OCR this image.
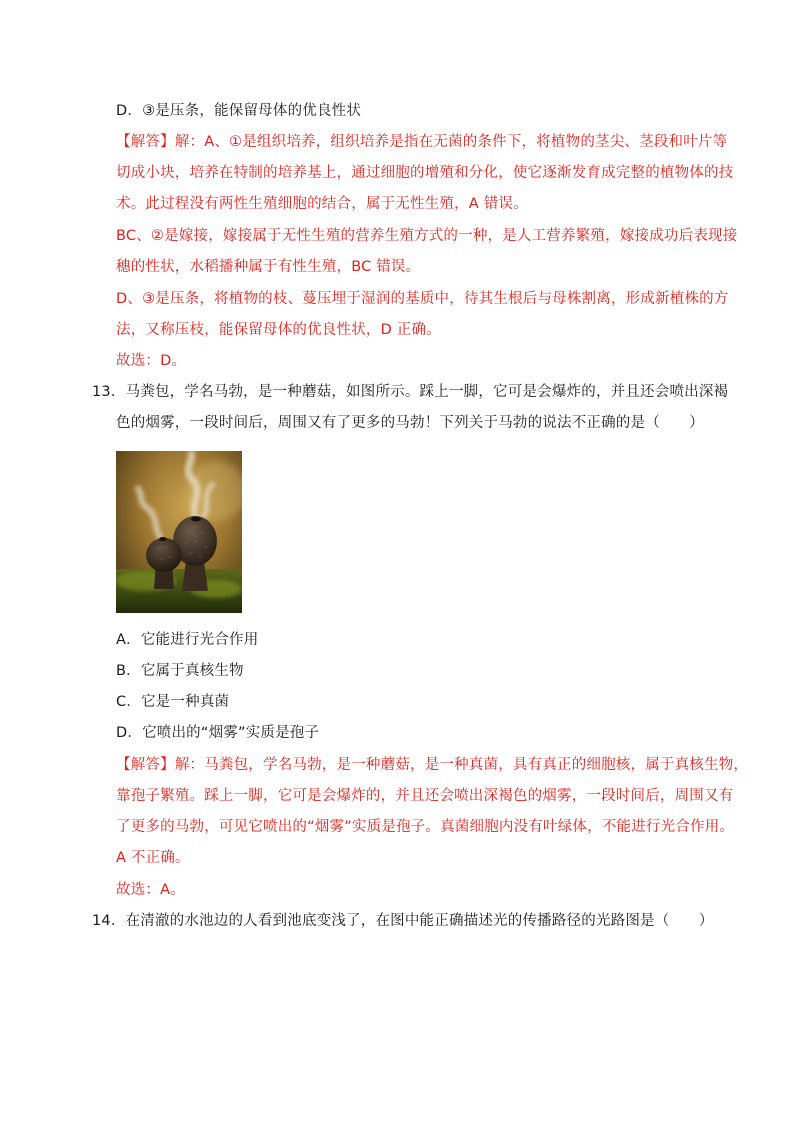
D．③是压条，能保留母体的优良性状
【解答】解：A、①是组织培养，组织培养是指在无菌的条件下，将植物的茎尖、茎段和叶片等
切成小块，培养在特制的培养基上，通过细胞的增殖和分化，使它逐渐发育成完整的植物体的技
术。此过程没有两性生殖细胞的结合，属于无性生殖，A 错误。
BC、②是嫁接，嫁接属于无性生殖的营养生殖方式的一种，是人工营养繁殖，嫁接成功后表现接
穗的性状，水稻播种属于有性生殖，BC 错误。
D、③是压条，将植物的枝、蔓压埋于湿润的基质中，待其生根后与母株割离，形成新植株的方
法，又称压枝，能保留母体的优良性状，D 正确。
故选：D。
13．马粪包，学名马勃，是一种蘑菇，如图所示。踩上一脚，它可是会爆炸的，并且还会喷出深褐
色的烟雾，一段时间后，周围又有了更多的马勃！下列关于马勃的说法不正确的是（　　）
A．它能进行光合作用
B．它属于真核生物
C．它是一种真菌
D．它喷出的“烟雾”实质是孢子
【解答】解：马粪包，学名马勃，是一种蘑菇，是一种真菌，具有真正的细胞核，属于真核生物，
靠孢子繁殖。踩上一脚，它可是会爆炸的，并且还会喷出深褐色的烟雾，一段时间后，周围又有
了更多的马勃，可见它喷出的“烟雾”实质是孢子。真菌细胞内没有叶绿体，不能进行光合作用。
A 不正确。
故选：A。
14．在清澈的水池边的人看到池底变浅了，在图中能正确描述光的传播路径的光路图是（　　）
